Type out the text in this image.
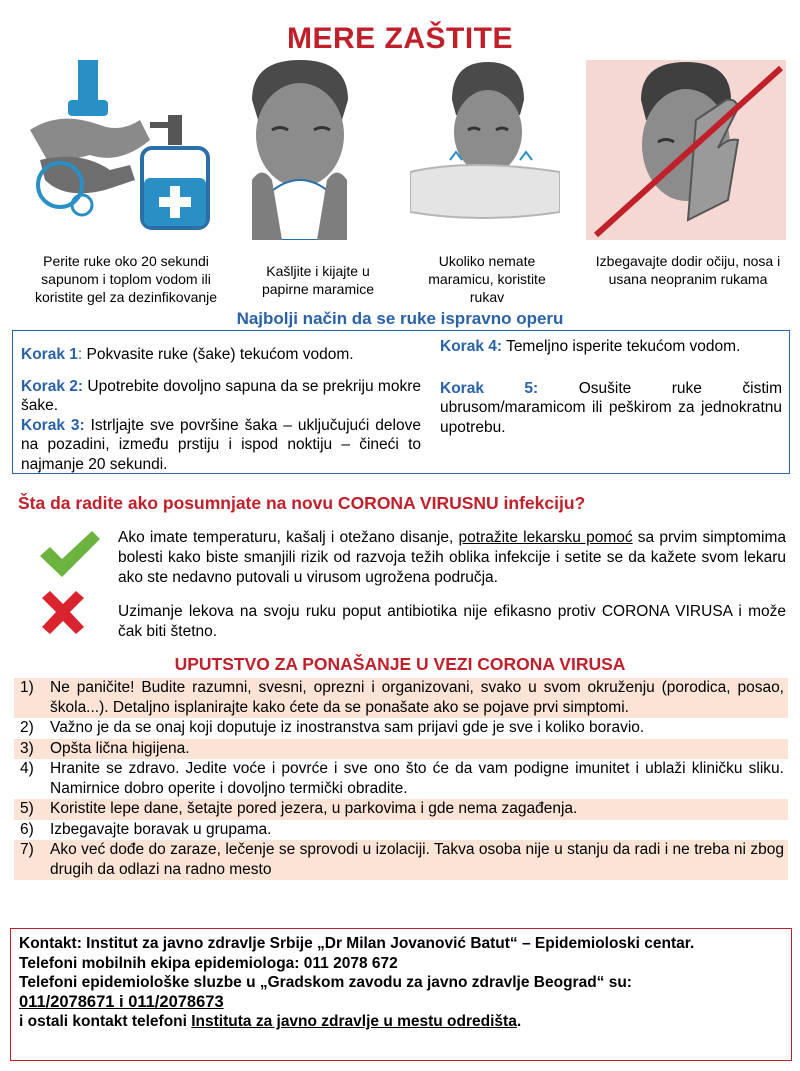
MERE ZAŠTITE
Perite ruke oko 20 sekundi sapunom i toplom vodom ili koristite gel za dezinfikovanje
Kašljite i kijajte u papirne maramice
Ukoliko nemate maramicu, koristite rukav
Izbegavajte dodir očiju, nosa i usana neopranim rukama
Najbolji način da se ruke ispravno operu

Korak 1: Pokvasite ruke (šake) tekućom vodom.

Korak 2: Upotrebite dovoljno sapuna da se prekriju mokre šake.

Korak 3: Istrljajte sve površine šaka – uključujući delove na pozadini, između prstiju i ispod noktiju – čineći to najmanje 20 sekundi.

Korak 4: Temeljno isperite tekućom vodom.

Korak 5:	Osušite ruke čistim ubrusom/maramicom ili peškirom za jednokratnu upotrebu.

Šta da radite ako posumnjate na novu CORONA VIRUSNU infekciju?
Ako imate temperaturu, kašalj i otežano disanje, potražite lekarsku pomoć sa prvim simptomima bolesti kako biste smanjili rizik od razvoja težih oblika infekcije i setite se da kažete svom lekaru ako ste nedavno putovali u virusom ugrožena područja.
Uzimanje lekova na svoju ruku poput antibiotika nije efikasno protiv CORONA VIRUSA i može čak biti štetno.
UPUTSTVO ZA PONAŠANJE U VEZI CORONA VIRUSA
1)	Ne paničite! Budite razumni, svesni, oprezni i organizovani, svako u svom okruženju (porodica, posao, škola...). Detaljno isplanirajte kako ćete da se ponašate ako se pojave prvi simptomi.
2)	Važno je da se onaj koji doputuje iz inostranstva sam prijavi gde je sve i koliko boravio.
3)	Opšta lična higijena.
4)	Hranite se zdravo. Jedite voće i povrće i sve ono što će da vam podigne imunitet i ublaži kliničku sliku. Namirnice dobro operite i dovoljno termički obradite.
5)	Koristite lepe dane, šetajte pored jezera, u parkovima i gde nema zagađenja.
6)	Izbegavajte boravak u grupama.
7)	Ako već dođe do zaraze, lečenje se sprovodi u izolaciji. Takva osoba nije u stanju da radi i ne treba ni zbog drugih da odlazi na radno mesto
Kontakt: Institut za javno zdravlje Srbije „Dr Milan Jovanović Batut“ – Epidemioloski centar.
Telefoni mobilnih ekipa epidemiologa: 011 2078 672
Telefoni epidemiološke sluzbe u „Gradskom zavodu za javno zdravlje Beograd“ su:
011/2078671 i 011/2078673
i ostali kontakt telefoni Instituta za javno zdravlje u mestu odredišta.
